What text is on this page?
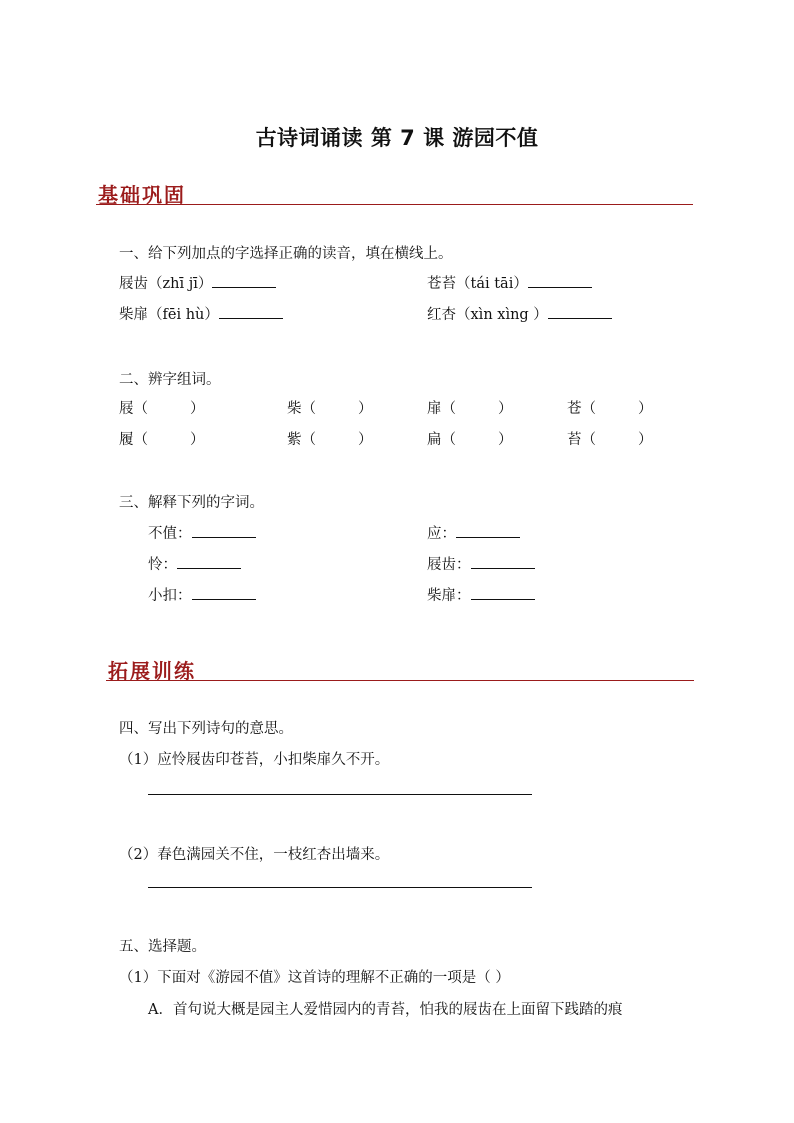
古诗词诵读 第 7 课 游园不值
基础巩固
一、给下列加点的字选择正确的读音，填在横线上。
屐齿（zhī jī）	苍苔（tái tāi）
柴扉（fēi hù）	红杏（xìn xìng ）
二、辨字组词。
屐（	）	柴（	）	扉（	）	苍（	）
履（	）	紫（	）	扁（	）	苔（	）
三、解释下列的字词。
不值：	应：
怜：	屐齿：
小扣：	柴扉：
拓展训练
四、写出下列诗句的意思。
（1）应怜屐齿印苍苔，小扣柴扉久不开。
（2）春色满园关不住，一枝红杏出墙来。
五、选择题。
（1）下面对《游园不值》这首诗的理解不正确的一项是（ ）
A．首句说大概是园主人爱惜园内的青苔，怕我的屐齿在上面留下践踏的痕
